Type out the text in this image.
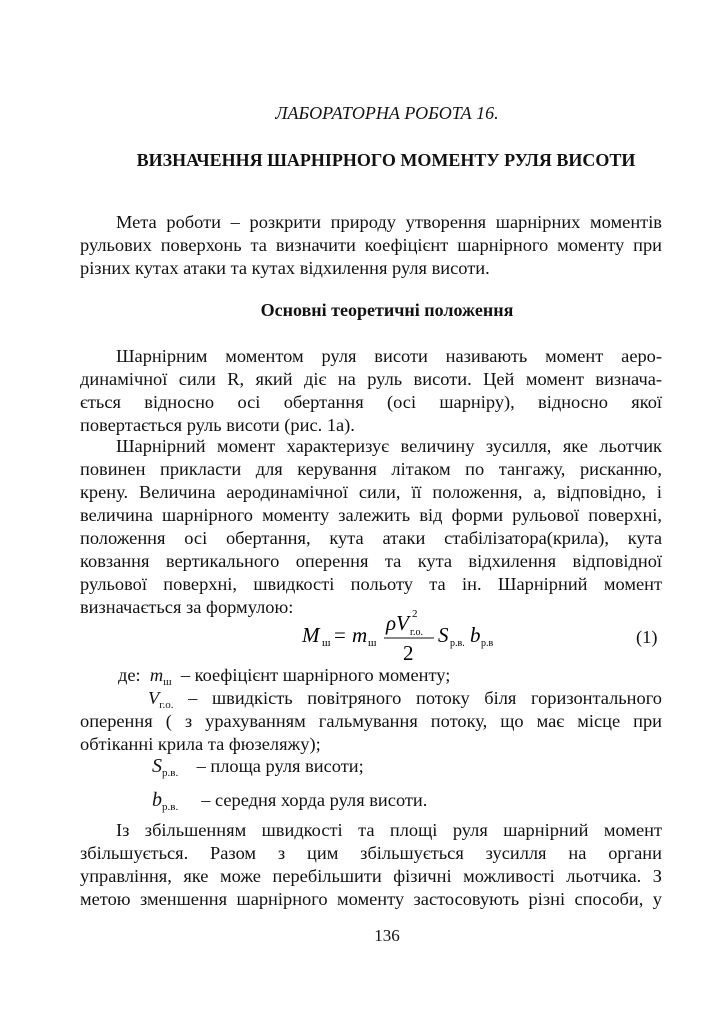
ЛАБОРАТОРНА РОБОТА 16.
ВИЗНАЧЕННЯ ШАРНІРНОГО МОМЕНТУ РУЛЯ ВИСОТИ
Мета роботи – розкрити природу утворення шарнірних моментів
рульових поверхонь та визначити коефіцієнт шарнірного моменту при
різних кутах атаки та кутах відхилення руля висоти.
Основні теоретичні положення
Шарнірним моментом руля висоти називають момент аеро-
динамічної сили R, який діє на руль висоти. Цей момент визнача-
ється відносно осі обертання (осі шарніру), відносно якої
повертається руль висоти (рис. 1а).
Шарнірний момент характеризує величину зусилля, яке льотчик
повинен прикласти для керування літаком по тангажу, рисканню,
крену. Величина аеродинамічної сили, її положення, а, відповідно, і
величина шарнірного моменту залежить від форми рульової поверхні,
положення осі обертання, кута атаки стабілізатора(крила), кута
ковзання вертикального оперення та кута відхилення відповідної
рульової поверхні, швидкості польоту та ін. Шарнірний момент
визначається за формулою:
M ш = m ш
ρV 2
г.о.
2
S р.в. b р.в	(1)
де: $m_ш$ – коефіцієнт шарнірного моменту;
$V_{г.о.}$ – швидкість повітряного потоку біля горизонтального
оперення ( з урахуванням гальмування потоку, що має місце при
обтіканні крила та фюзеляжу);
$S_{р.в.}$ – площа руля висоти;
$b_{р.в.}$ – середня хорда руля висоти.
Із збільшенням швидкості та площі руля шарнірний момент
збільшується. Разом з цим збільшується зусилля на органи
управління, яке може перебільшити фізичні можливості льотчика. З
метою зменшення шарнірного моменту застосовують різні способи, у
136
